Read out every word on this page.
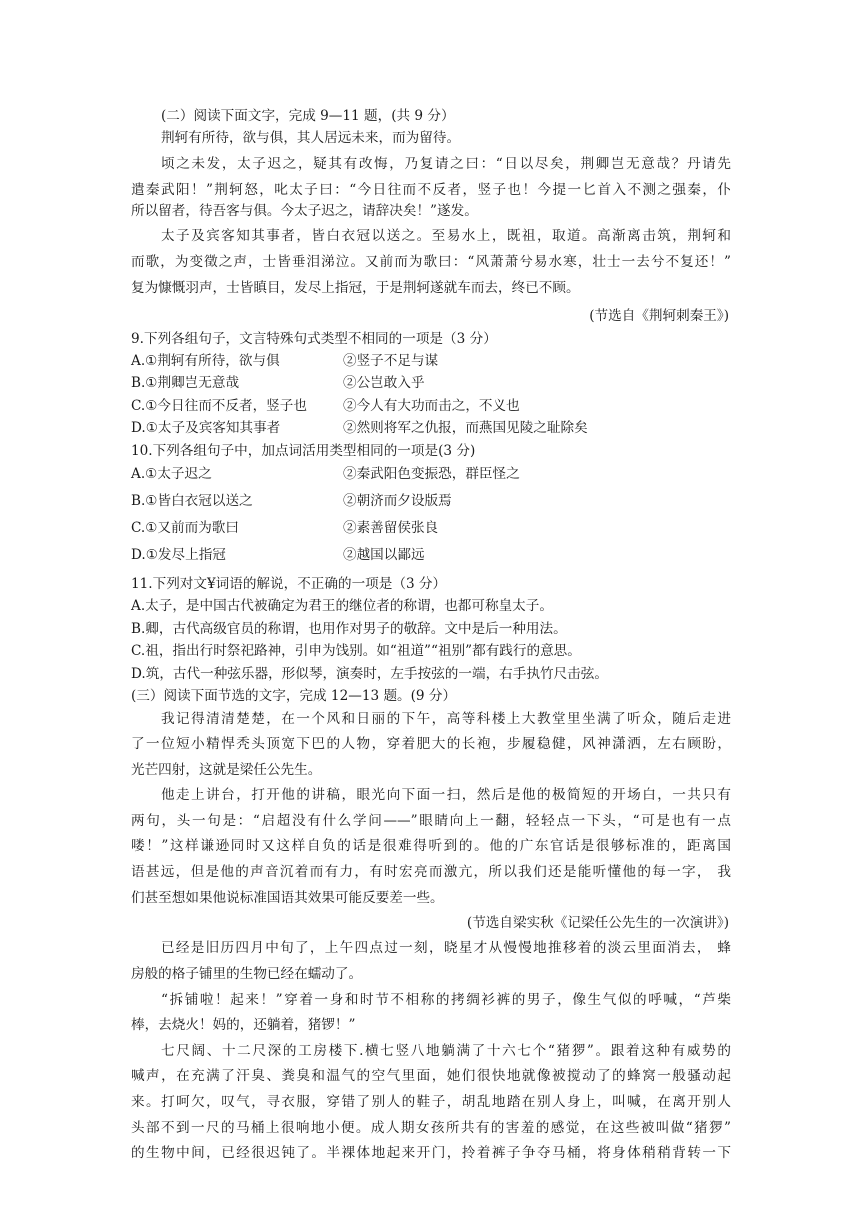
(二）阅读下面文字，完成 9—11 题，(共 9 分）
荆轲有所待，欲与俱，其人居远未来，而为留待。
顷之未发，太子迟之，疑其有改悔，乃复请之曰：“日以尽矣，荆卿岂无意哉？丹请先
遣秦武阳！”荆轲怒，叱太子曰：“今日往而不反者，竖子也！今提一匕首入不测之强秦，仆
所以留者，待吾客与俱。今太子迟之，请辞决矣！”遂发。
太子及宾客知其事者，皆白衣冠以送之。至易水上，既祖，取道。高渐离击筑，荆轲和
而歌，为变徵之声，士皆垂泪涕泣。又前而为歌曰：“风萧萧兮易水寒，壮士一去兮不复还！”
复为慷慨羽声，士皆瞋目，发尽上指冠，于是荆轲遂就车而去，终已不顾。
(节选自《荆轲刺秦王》)
9.下列各组句子，文言特殊句式类型不相同的一项是（3 分）
A.①荆轲有所待，欲与俱	②竖子不足与谋
B.①荆卿岂无意哉	②公岂敢入乎
C.①今日往而不反者，竖子也	②今人有大功而击之，不义也
D.①太子及宾客知其事者	②然则将军之仇报，而燕国见陵之耻除矣
10.下列各组句子中，加点词活用类型相同的一项是(3 分)
A.①太子迟之	②秦武阳色变振恐，群臣怪之
B.①皆白衣冠以送之	②朝济而夕设版焉
C.①又前而为歌曰	②素善留侯张良
D.①发尽上指冠	②越国以鄙远
11.下列对文¥词语的解说，不正确的一项是（3 分）
A.太子，是中国古代被确定为君王的继位者的称谓，也都可称皇太子。
B.卿，古代高级官员的称谓，也用作对男子的敬辞。文中是后一种用法。
C.祖，指出行时祭祀路神，引申为饯别。如“祖道”“祖别”都有践行的意思。
D.筑，古代一种弦乐器，形似琴，演奏时，左手按弦的一端，右手执竹尺击弦。
(三）阅读下面节选的文字，完成 12—13 题。(9 分）
我记得清清楚楚，在一个风和日丽的下午，高等科楼上大教堂里坐满了听众，随后走进
了一位短小精悍秃头顶宽下巴的人物，穿着肥大的长袍，步履稳健，风神潇洒，左右顾盼，
光芒四射，这就是梁任公先生。
他走上讲台，打开他的讲稿，眼光向下面一扫，然后是他的极简短的开场白，一共只有
两句，头一句是：“启超没有什么学问——”眼睛向上一翻，轻轻点一下头，“可是也有一点
喽！”这样谦逊同时又这样自负的话是很难得听到的。他的广东官话是很够标准的，距离国
语甚远，但是他的声音沉着而有力，有时宏亮而激亢，所以我们还是能听懂他的每一字， 我
们甚至想如果他说标准国语其效果可能反要差一些。
(节选自梁实秋《记梁任公先生的一次演讲》)
已经是旧历四月中旬了，上午四点过一刻，晓星才从慢慢地推移着的淡云里面消去， 蜂
房般的格子铺里的生物已经在蠕动了。
“拆铺啦！起来！”穿着一身和时节不相称的拷绸衫裤的男子，像生气似的呼喊，“芦柴
棒，去烧火！妈的，还躺着，猪锣！”
七尺阔、十二尺深的工房楼下.横七竖八地躺满了十六七个“猪猡”。跟着这种有威势的
喊声，在充满了汗臭、粪臭和温气的空气里面，她们很快地就像被搅动了的蜂窝一般骚动起
来。打呵欠，叹气，寻衣服，穿错了别人的鞋子，胡乱地踏在别人身上，叫喊，在离开别人
头部不到一尺的马桶上很响地小便。成人期女孩所共有的害羞的感觉，在这些被叫做“猪猡”
的生物中间，已经很迟钝了。半裸体地起来开门，拎着裤子争夺马桶，将身体稍稍背转一下
